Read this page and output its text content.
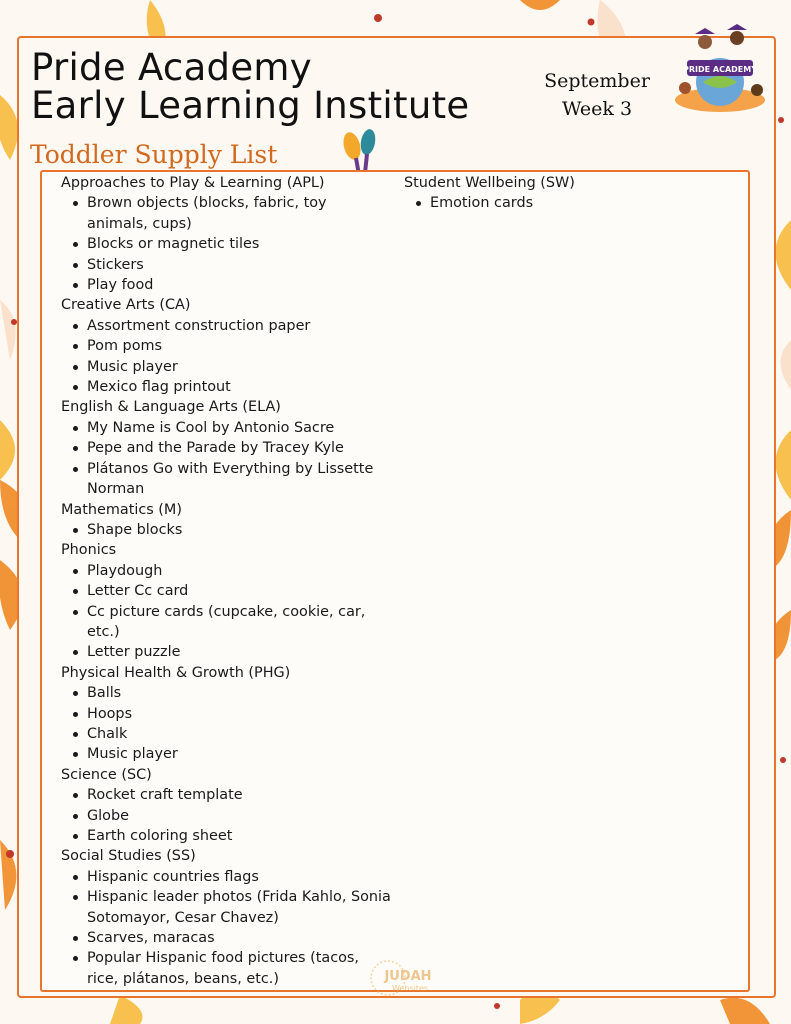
Pride Academy
Early Learning Institute
September
Week 3
PRIDE ACADEMY
Toddler Supply List
Approaches to Play & Learning (APL)
Brown objects (blocks, fabric, toy animals, cups)
Blocks or magnetic tiles
Stickers
Play food
Creative Arts (CA)
Assortment construction paper
Pom poms
Music player
Mexico flag printout
English & Language Arts (ELA)
My Name is Cool by Antonio Sacre
Pepe and the Parade by Tracey Kyle
Plátanos Go with Everything by Lissette Norman
Mathematics (M)
Shape blocks
Phonics
Playdough
Letter Cc card
Cc picture cards (cupcake, cookie, car, etc.)
Letter puzzle
Physical Health & Growth (PHG)
Balls
Hoops
Chalk
Music player
Science (SC)
Rocket craft template
Globe
Earth coloring sheet
Social Studies (SS)
Hispanic countries flags
Hispanic leader photos (Frida Kahlo, Sonia Sotomayor, Cesar Chavez)
Scarves, maracas
Popular Hispanic food pictures (tacos, rice, plátanos, beans, etc.)
Student Wellbeing (SW)
Emotion cards
JUDAH
Websites
